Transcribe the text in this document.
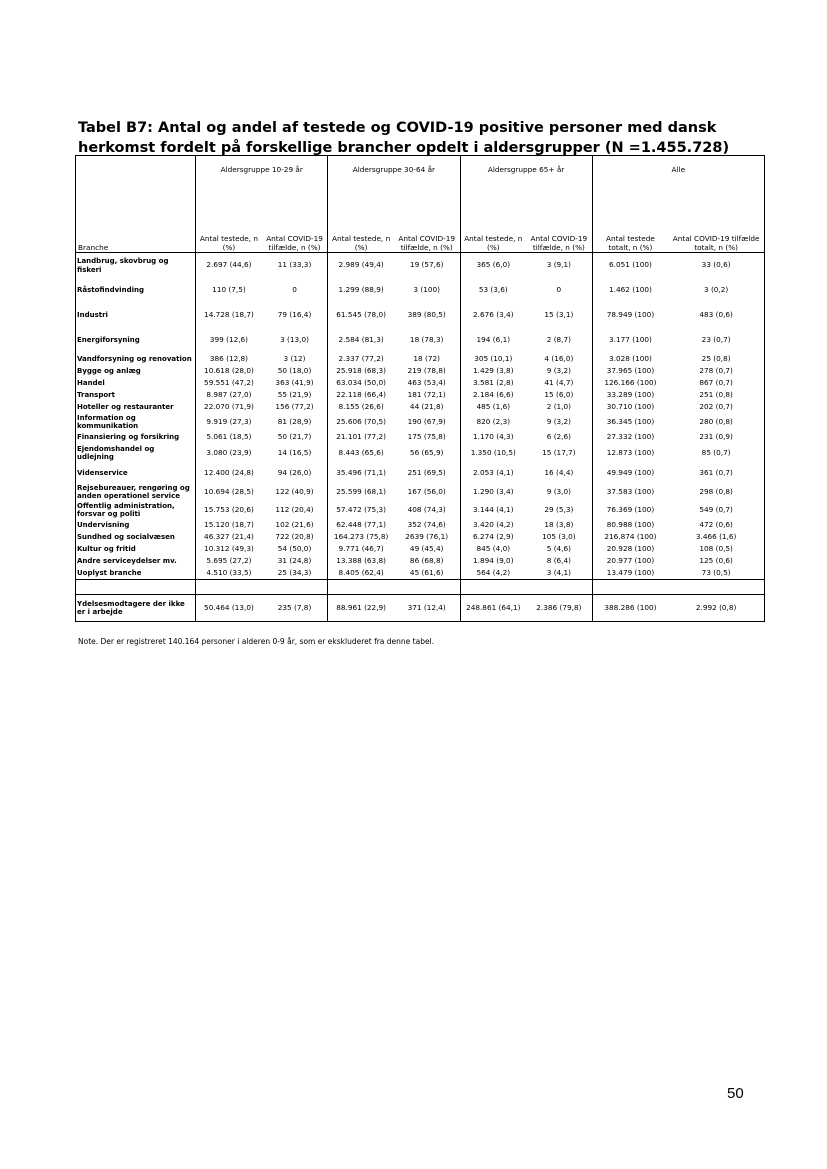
Tabel B7: Antal og andel af testede og COVID-19 positive personer med dansk herkomst fordelt på forskellige brancher opdelt i aldersgrupper (N =1.455.728)
	Aldersgruppe 10-29 år		Aldersgruppe 30-64 år		Aldersgruppe 65+ år		Alle	
Branche	Antal testede, n (%)	Antal COVID-19 tilfælde, n (%)	Antal testede, n (%)	Antal COVID-19 tilfælde, n (%)	Antal testede, n (%)	Antal COVID-19 tilfælde, n (%)	Antal testede totalt, n (%)	Antal COVID-19 tilfælde totalt, n (%)
Landbrug, skovbrug og fiskeri	2.697 (44,6)	11 (33,3)	2.989 (49,4)	19 (57,6)	365 (6,0)	3 (9,1)	6.051 (100)	33 (0,6)
Råstofindvinding	110 (7,5)	0	1.299 (88,9)	3 (100)	53 (3,6)	0	1.462 (100)	3 (0,2)
Industri	14.728 (18,7)	79 (16,4)	61.545 (78,0)	389 (80,5)	2.676 (3,4)	15 (3,1)	78.949 (100)	483 (0,6)
Energiforsyning	399 (12,6)	3 (13,0)	2.584 (81,3)	18 (78,3)	194 (6,1)	2 (8,7)	3.177 (100)	23 (0,7)
Vandforsyning og renovation	386 (12,8)	3 (12)	2.337 (77,2)	18 (72)	305 (10,1)	4 (16,0)	3.028 (100)	25 (0,8)
Bygge og anlæg	10.618 (28,0)	50 (18,0)	25.918 (68,3)	219 (78,8)	1.429 (3,8)	9 (3,2)	37.965 (100)	278 (0,7)
Handel	59.551 (47,2)	363 (41,9)	63.034 (50,0)	463 (53,4)	3.581 (2,8)	41 (4,7)	126.166 (100)	867 (0,7)
Transport	8.987 (27,0)	55 (21,9)	22.118 (66,4)	181 (72,1)	2.184 (6,6)	15 (6,0)	33.289 (100)	251 (0,8)
Hoteller og restauranter	22.070 (71,9)	156 (77,2)	8.155 (26,6)	44 (21,8)	485 (1,6)	2 (1,0)	30.710 (100)	202 (0,7)
Information og kommunikation	9.919 (27,3)	81 (28,9)	25.606 (70,5)	190 (67,9)	820 (2,3)	9 (3,2)	36.345 (100)	280 (0,8)
Finansiering og forsikring	5.061 (18,5)	50 (21,7)	21.101 (77,2)	175 (75,8)	1.170 (4,3)	6 (2,6)	27.332 (100)	231 (0,9)
Ejendomshandel og udlejning	3.080 (23,9)	14 (16,5)	8.443 (65,6)	56 (65,9)	1.350 (10,5)	15 (17,7)	12.873 (100)	85 (0,7)
Videnservice	12.400 (24,8)	94 (26,0)	35.496 (71,1)	251 (69,5)	2.053 (4,1)	16 (4,4)	49.949 (100)	361 (0,7)
Rejsebureauer, rengøring og anden operationel service	10.694 (28,5)	122 (40,9)	25.599 (68,1)	167 (56,0)	1.290 (3,4)	9 (3,0)	37.583 (100)	298 (0,8)
Offentlig administration, forsvar og politi	15.753 (20,6)	112 (20,4)	57.472 (75,3)	408 (74,3)	3.144 (4,1)	29 (5,3)	76.369 (100)	549 (0,7)
Undervisning	15.120 (18,7)	102 (21,6)	62.448 (77,1)	352 (74,6)	3.420 (4,2)	18 (3,8)	80.988 (100)	472 (0,6)
Sundhed og socialvæsen	46.327 (21,4)	722 (20,8)	164.273 (75,8)	2639 (76,1)	6.274 (2,9)	105 (3,0)	216.874 (100)	3.466 (1,6)
Kultur og fritid	10.312 (49,3)	54 (50,0)	9.771 (46,7)	49 (45,4)	845 (4,0)	5 (4,6)	20.928 (100)	108 (0,5)
Andre serviceydelser mv.	5.695 (27,2)	31 (24,8)	13.388 (63,8)	86 (68,8)	1.894 (9,0)	8 (6,4)	20.977 (100)	125 (0,6)
Uoplyst branche	4.510 (33,5)	25 (34,3)	8.405 (62,4)	45 (61,6)	564 (4,2)	3 (4,1)	13.479 (100)	73 (0,5)

Ydelsesmodtagere der ikke er i arbejde	50.464 (13,0)	235 (7,8)	88.961 (22,9)	371 (12,4)	248.861 (64,1)	2.386 (79,8)	388.286 (100)	2.992 (0,8)
Note. Der er registreret 140.164 personer i alderen 0-9 år, som er ekskluderet fra denne tabel.
50
